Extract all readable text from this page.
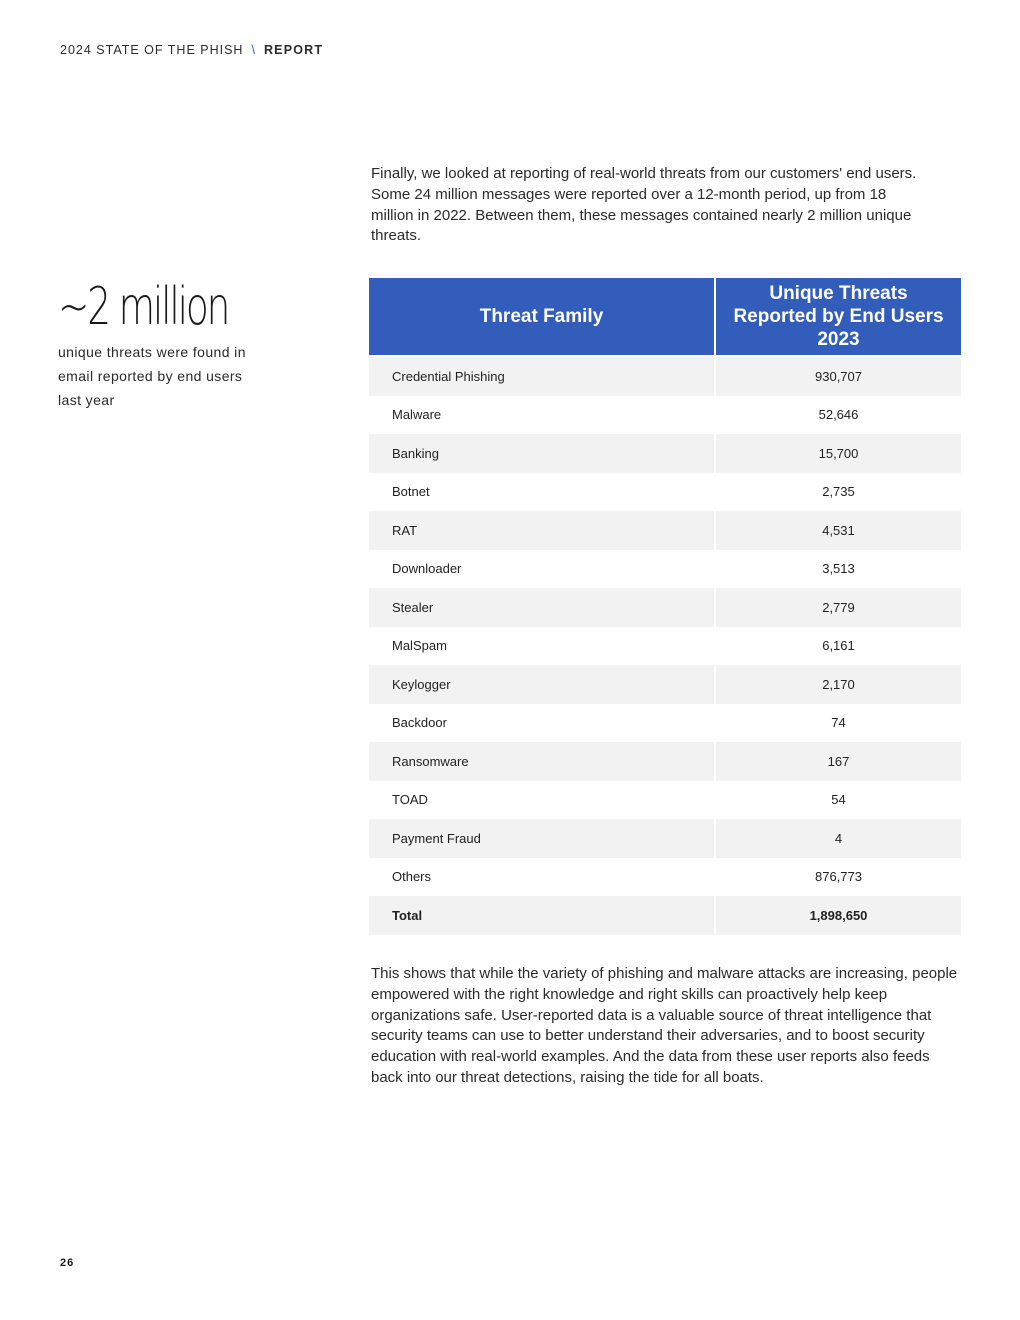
2024 STATE OF THE PHISH \ REPORT

Finally, we looked at reporting of real-world threats from our customers' end users. Some 24 million messages were reported over a 12-month period, up from 18 million in 2022. Between them, these messages contained nearly 2 million unique threats.

~2 million
unique threats were found in email reported by end users last year
Threat Family	Unique Threats Reported by End Users 2023
Credential Phishing	930,707
Malware	52,646
Banking	15,700
Botnet	2,735
RAT	4,531
Downloader	3,513
Stealer	2,779
MalSpam	6,161
Keylogger	2,170
Backdoor	74
Ransomware	167
TOAD	54
Payment Fraud	4
Others	876,773
Total	1,898,650

This shows that while the variety of phishing and malware attacks are increasing, people empowered with the right knowledge and right skills can proactively help keep organizations safe. User-reported data is a valuable source of threat intelligence that security teams can use to better understand their adversaries, and to boost security education with real-world examples. And the data from these user reports also feeds back into our threat detections, raising the tide for all boats.

26
